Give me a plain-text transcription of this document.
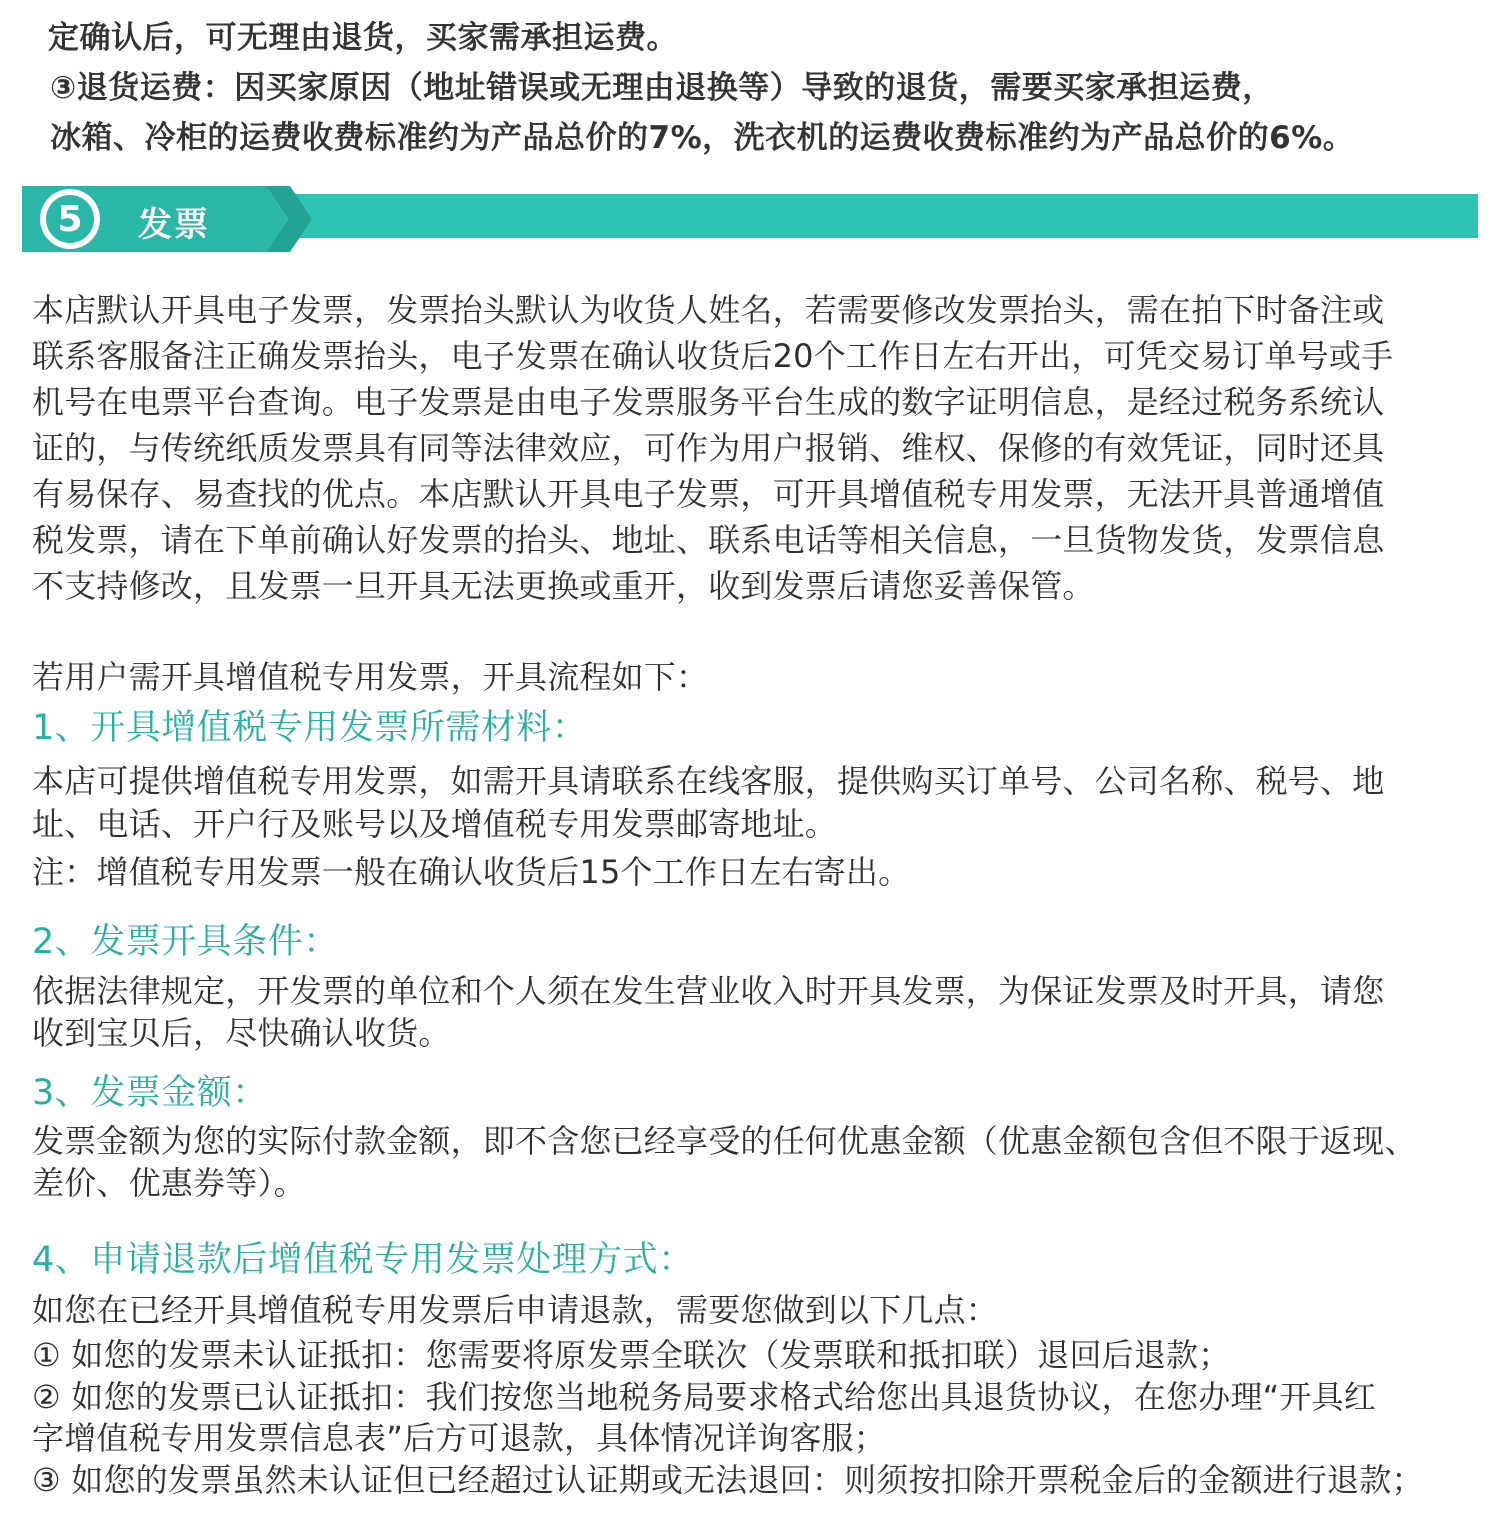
定确认后，可无理由退货，买家需承担运费。

③退货运费：因买家原因（地址错误或无理由退换等）导致的退货，需要买家承担运费，

冰箱、冷柜的运费收费标准约为产品总价的7%，洗衣机的运费收费标准约为产品总价的6%。

5	发票

本店默认开具电子发票，发票抬头默认为收货人姓名，若需要修改发票抬头，需在拍下时备注或

联系客服备注正确发票抬头，电子发票在确认收货后20个工作日左右开出，可凭交易订单号或手

机号在电票平台查询。电子发票是由电子发票服务平台生成的数字证明信息，是经过税务系统认

证的，与传统纸质发票具有同等法律效应，可作为用户报销、维权、保修的有效凭证，同时还具

有易保存、易查找的优点。本店默认开具电子发票，可开具增值税专用发票，无法开具普通增值

税发票，请在下单前确认好发票的抬头、地址、联系电话等相关信息，一旦货物发货，发票信息

不支持修改，且发票一旦开具无法更换或重开，收到发票后请您妥善保管。

若用户需开具增值税专用发票，开具流程如下：

1、开具增值税专用发票所需材料：

本店可提供增值税专用发票，如需开具请联系在线客服，提供购买订单号、公司名称、税号、地

址、电话、开户行及账号以及增值税专用发票邮寄地址。

注：增值税专用发票一般在确认收货后15个工作日左右寄出。

2、发票开具条件：

依据法律规定，开发票的单位和个人须在发生营业收入时开具发票，为保证发票及时开具，请您

收到宝贝后，尽快确认收货。

3、发票金额：

发票金额为您的实际付款金额，即不含您已经享受的任何优惠金额（优惠金额包含但不限于返现、

差价、优惠券等）。

4、申请退款后增值税专用发票处理方式：

如您在已经开具增值税专用发票后申请退款，需要您做到以下几点：

① 如您的发票未认证抵扣：您需要将原发票全联次（发票联和抵扣联）退回后退款；

② 如您的发票已认证抵扣：我们按您当地税务局要求格式给您出具退货协议，在您办理“开具红

字增值税专用发票信息表”后方可退款，具体情况详询客服；

③ 如您的发票虽然未认证但已经超过认证期或无法退回：则须按扣除开票税金后的金额进行退款；
